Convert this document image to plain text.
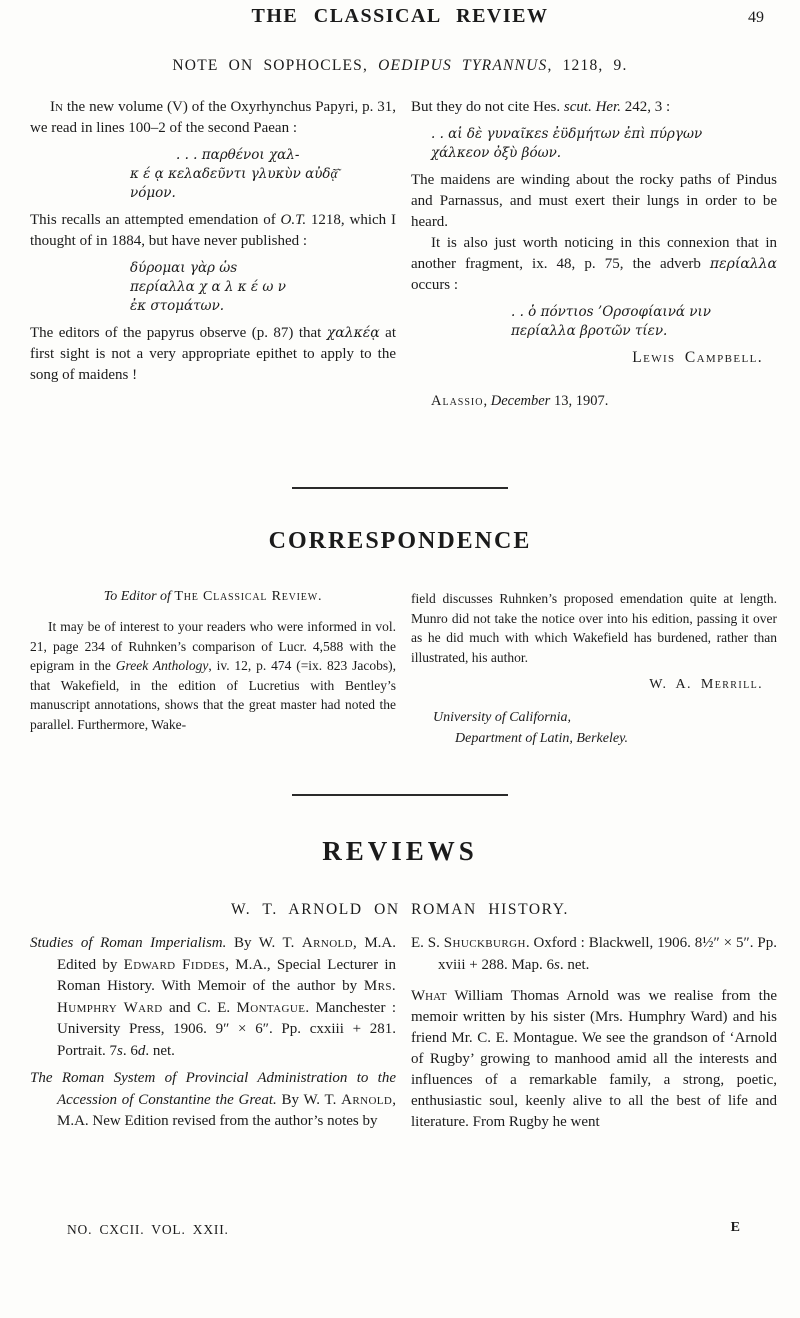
THE CLASSICAL REVIEW	49
NOTE ON SOPHOCLES, OEDIPUS TYRANNUS, 1218, 9.

In the new volume (V) of the Oxyrhynchus Papyri, p. 31, we read in lines 100–2 of the second Paean :

. . . παρθένοι χαλ-
κ έ ᾳ κελαδεῦντι γλυκὺν αὐδᾷ͂
νόμον.

This recalls an attempted emendation of O.T. 1218, which I thought of in 1884, but have never published :

δύρομαι γὰρ ὡs
περίαλλα χ α λ κ έ ω ν
ἐκ στομάτων.

The editors of the papyrus observe (p. 87) that χαλκέᾳ at first sight is not a very appropriate epithet to apply to the song of maidens !

But they do not cite Hes. scut. Her. 242, 3 :

. . αἱ δὲ γυναῖκεs ἐϋδμήτων ἐπὶ πύργων
χάλκεον ὀξὺ βόων.

The maidens are winding about the rocky paths of Pindus and Parnassus, and must exert their lungs in order to be heard.

It is also just worth noticing in this connexion that in another fragment, ix. 48, p. 75, the adverb περίαλλα occurs :

. . ὁ πόντιοs ’Ορσοφίαινά νιν
περίαλλα βροτῶν τίεν.
Lewis Campbell.
Alassio, December 13, 1907.
CORRESPONDENCE

To Editor of The Classical Review.

It may be of interest to your readers who were informed in vol. 21, page 234 of Ruhnken’s comparison of Lucr. 4,588 with the epigram in the Greek Anthology, iv. 12, p. 474 (=ix. 823 Jacobs), that Wakefield, in the edition of Lucretius with Bentley’s manuscript annotations, shows that the great master had noted the parallel. Furthermore, Wake-

field discusses Ruhnken’s proposed emendation quite at length. Munro did not take the notice over into his edition, passing it over as he did much with which Wakefield has burdened, rather than illustrated, his author.

W. A. Merrill.
University of California,
Department of Latin, Berkeley.
REVIEWS
W. T. ARNOLD ON ROMAN HISTORY.

Studies of Roman Imperialism. By W. T. Arnold, M.A. Edited by Edward Fiddes, M.A., Special Lecturer in Roman History. With Memoir of the author by Mrs. Humphry Ward and C. E. Montague. Manchester : University Press, 1906. 9″ × 6″. Pp. cxxiii + 281. Portrait. 7s. 6d. net.

The Roman System of Provincial Administration to the Accession of Constantine the Great. By W. T. Arnold, M.A. New Edition revised from the author’s notes by

E. S. Shuckburgh. Oxford : Blackwell, 1906. 8½″ × 5″. Pp. xviii + 288. Map. 6s. net.

What William Thomas Arnold was we realise from the memoir written by his sister (Mrs. Humphry Ward) and his friend Mr. C. E. Montague. We see the grandson of ‘Arnold of Rugby’ growing to manhood amid all the interests and influences of a remarkable family, a strong, poetic, enthusiastic soul, keenly alive to all the best of life and literature. From Rugby he went

NO. CXCII. VOL. XXII.	E
